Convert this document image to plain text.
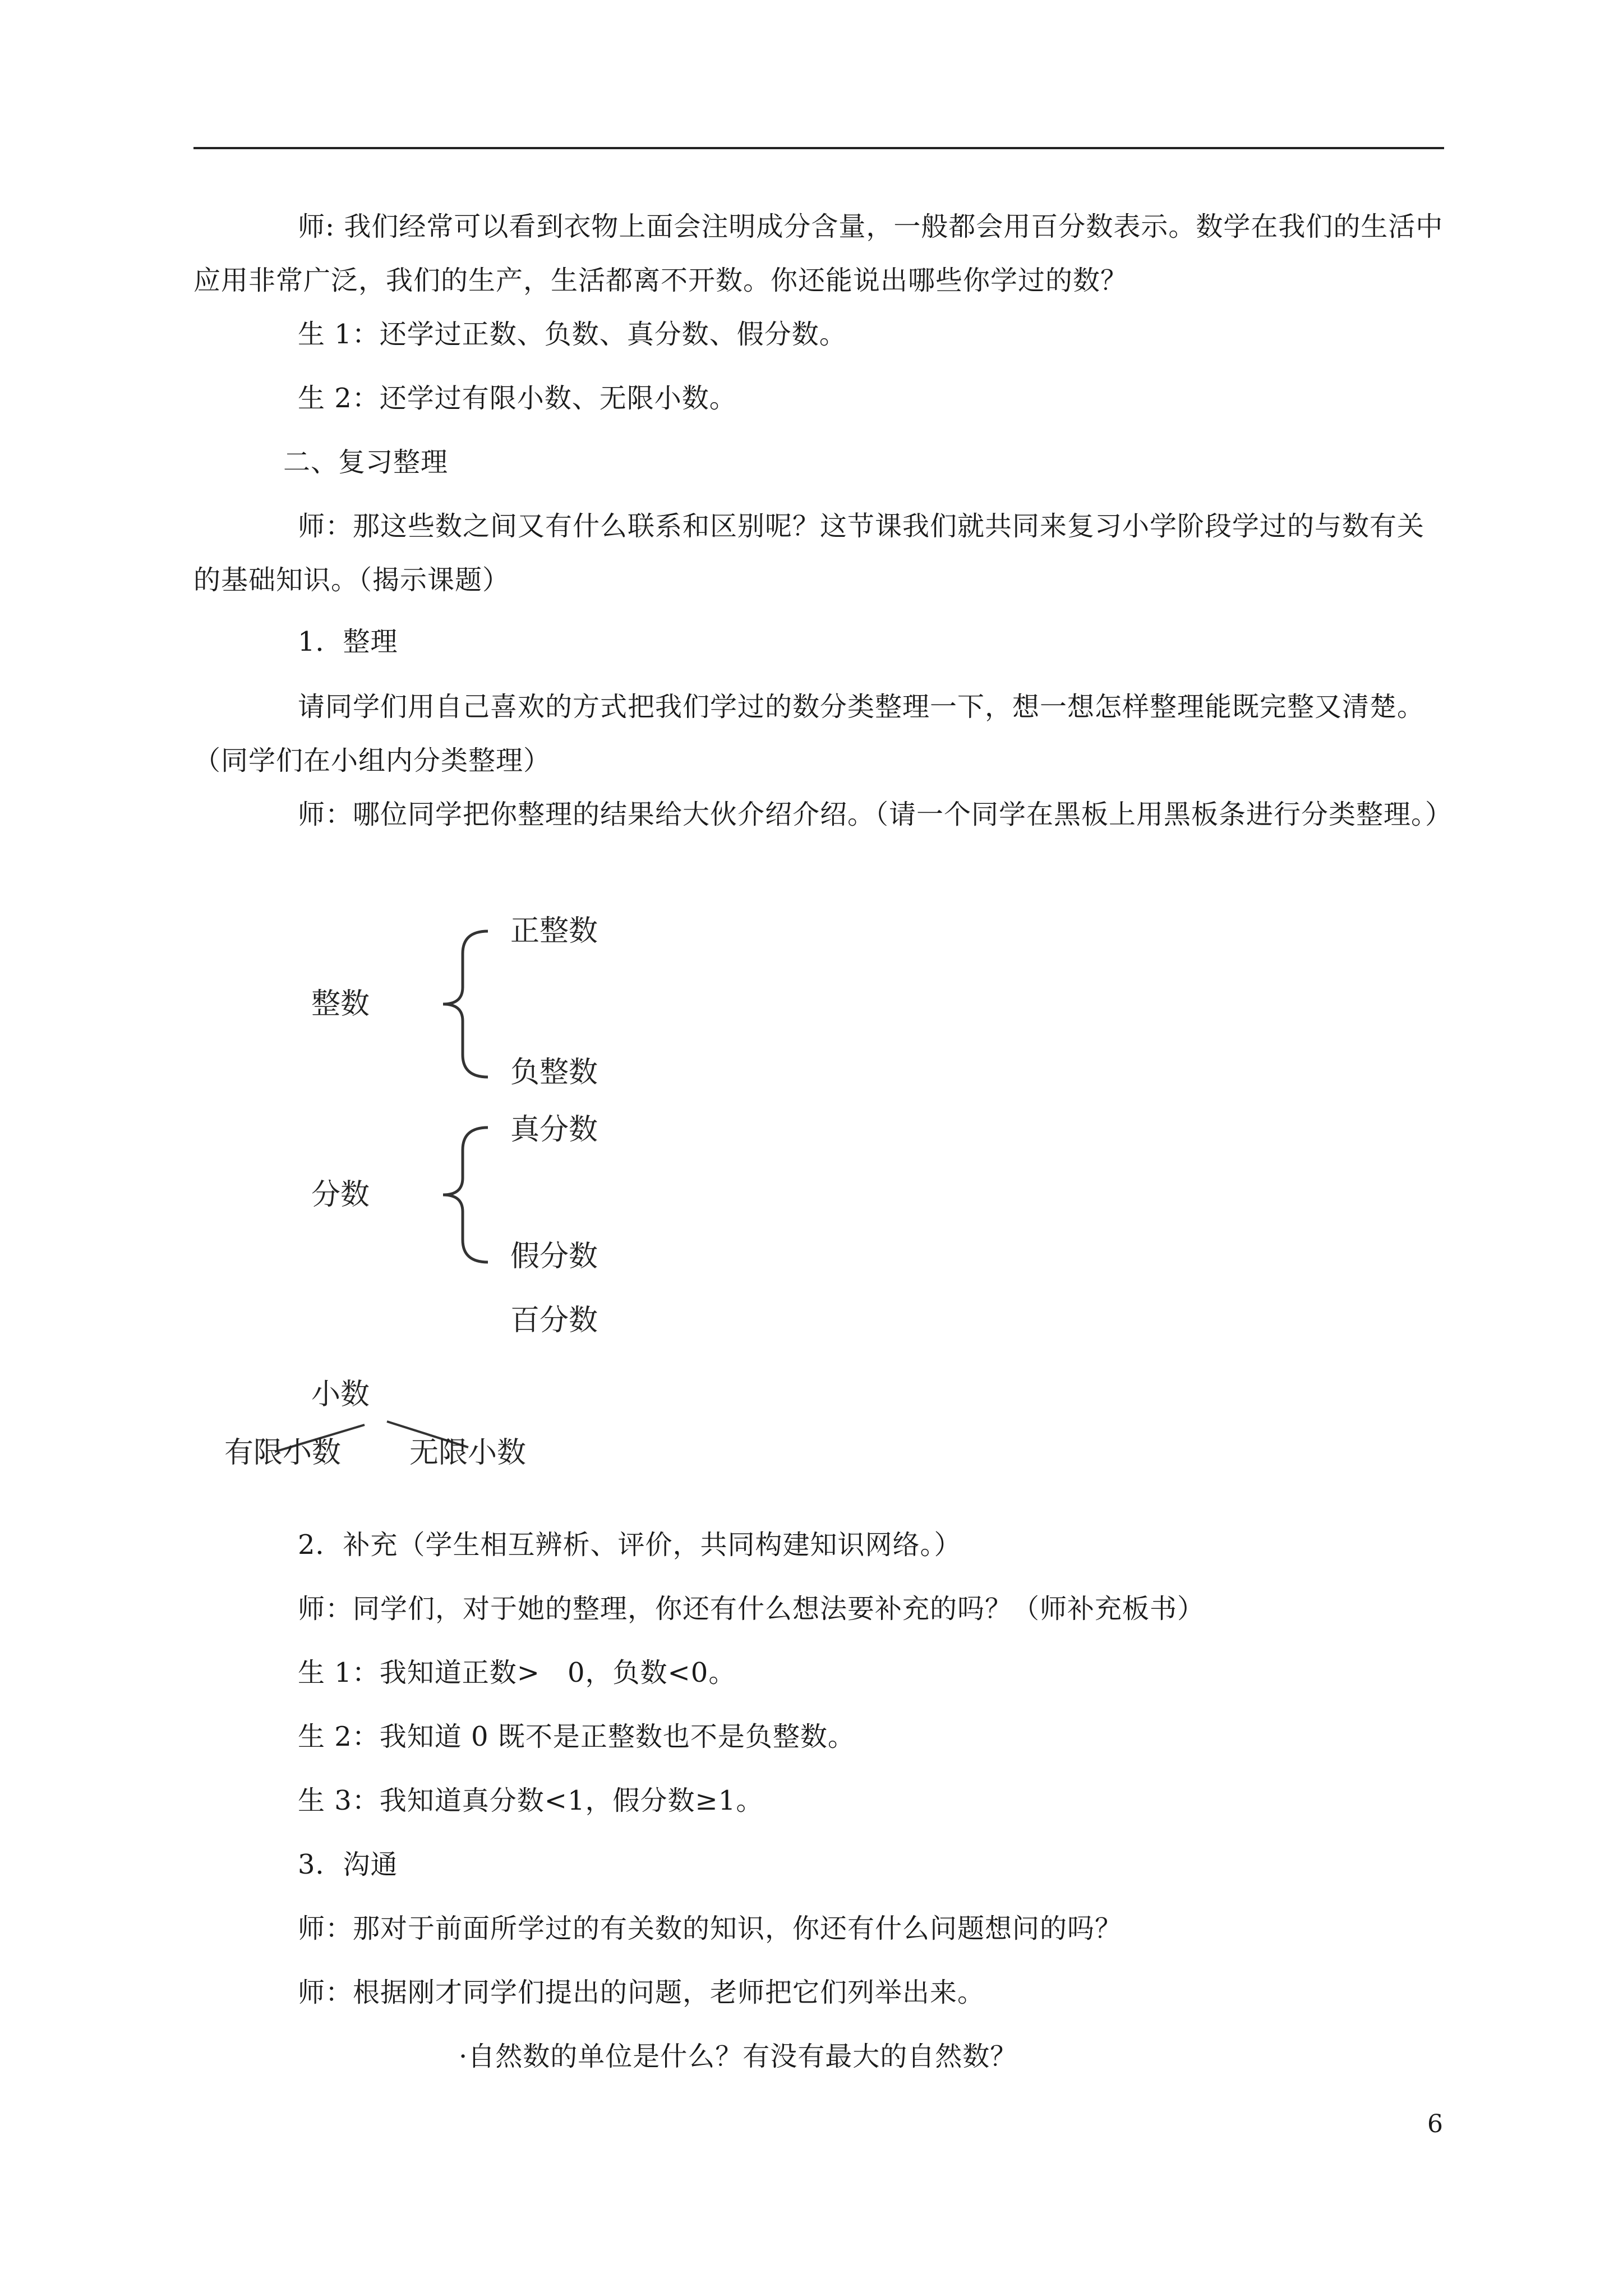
师: 我们经常可以看到衣物上面会注明成分含量，一般都会用百分数表示。数学在我们的生活中应用非常广泛，我们的生产，生活都离不开数。你还能说出哪些你学过的数？

生 1：还学过正数、负数、真分数、假分数。

生 2：还学过有限小数、无限小数。

二、复习整理

师：那这些数之间又有什么联系和区别呢？这节课我们就共同来复习小学阶段学过的与数有关的基础知识。（揭示课题）

1．整理

请同学们用自己喜欢的方式把我们学过的数分类整理一下，想一想怎样整理能既完整又清楚。（同学们在小组内分类整理）

师：哪位同学把你整理的结果给大伙介绍介绍。（请一个同学在黑板上用黑板条进行分类整理。）

整数
正整数
负整数
分数
真分数
假分数
百分数
小数
有限小数 无限小数
2．补充（学生相互辨析、评价，共同构建知识网络。）
师：同学们，对于她的整理，你还有什么想法要补充的吗？（师补充板书）
生 1：我知道正数>　0，负数<0。
生 2：我知道 0 既不是正整数也不是负整数。
生 3：我知道真分数<1，假分数≥1。
3．沟通
师：那对于前面所学过的有关数的知识，你还有什么问题想问的吗？
师：根据刚才同学们提出的问题，老师把它们列举出来。
·自然数的单位是什么？有没有最大的自然数？
6
